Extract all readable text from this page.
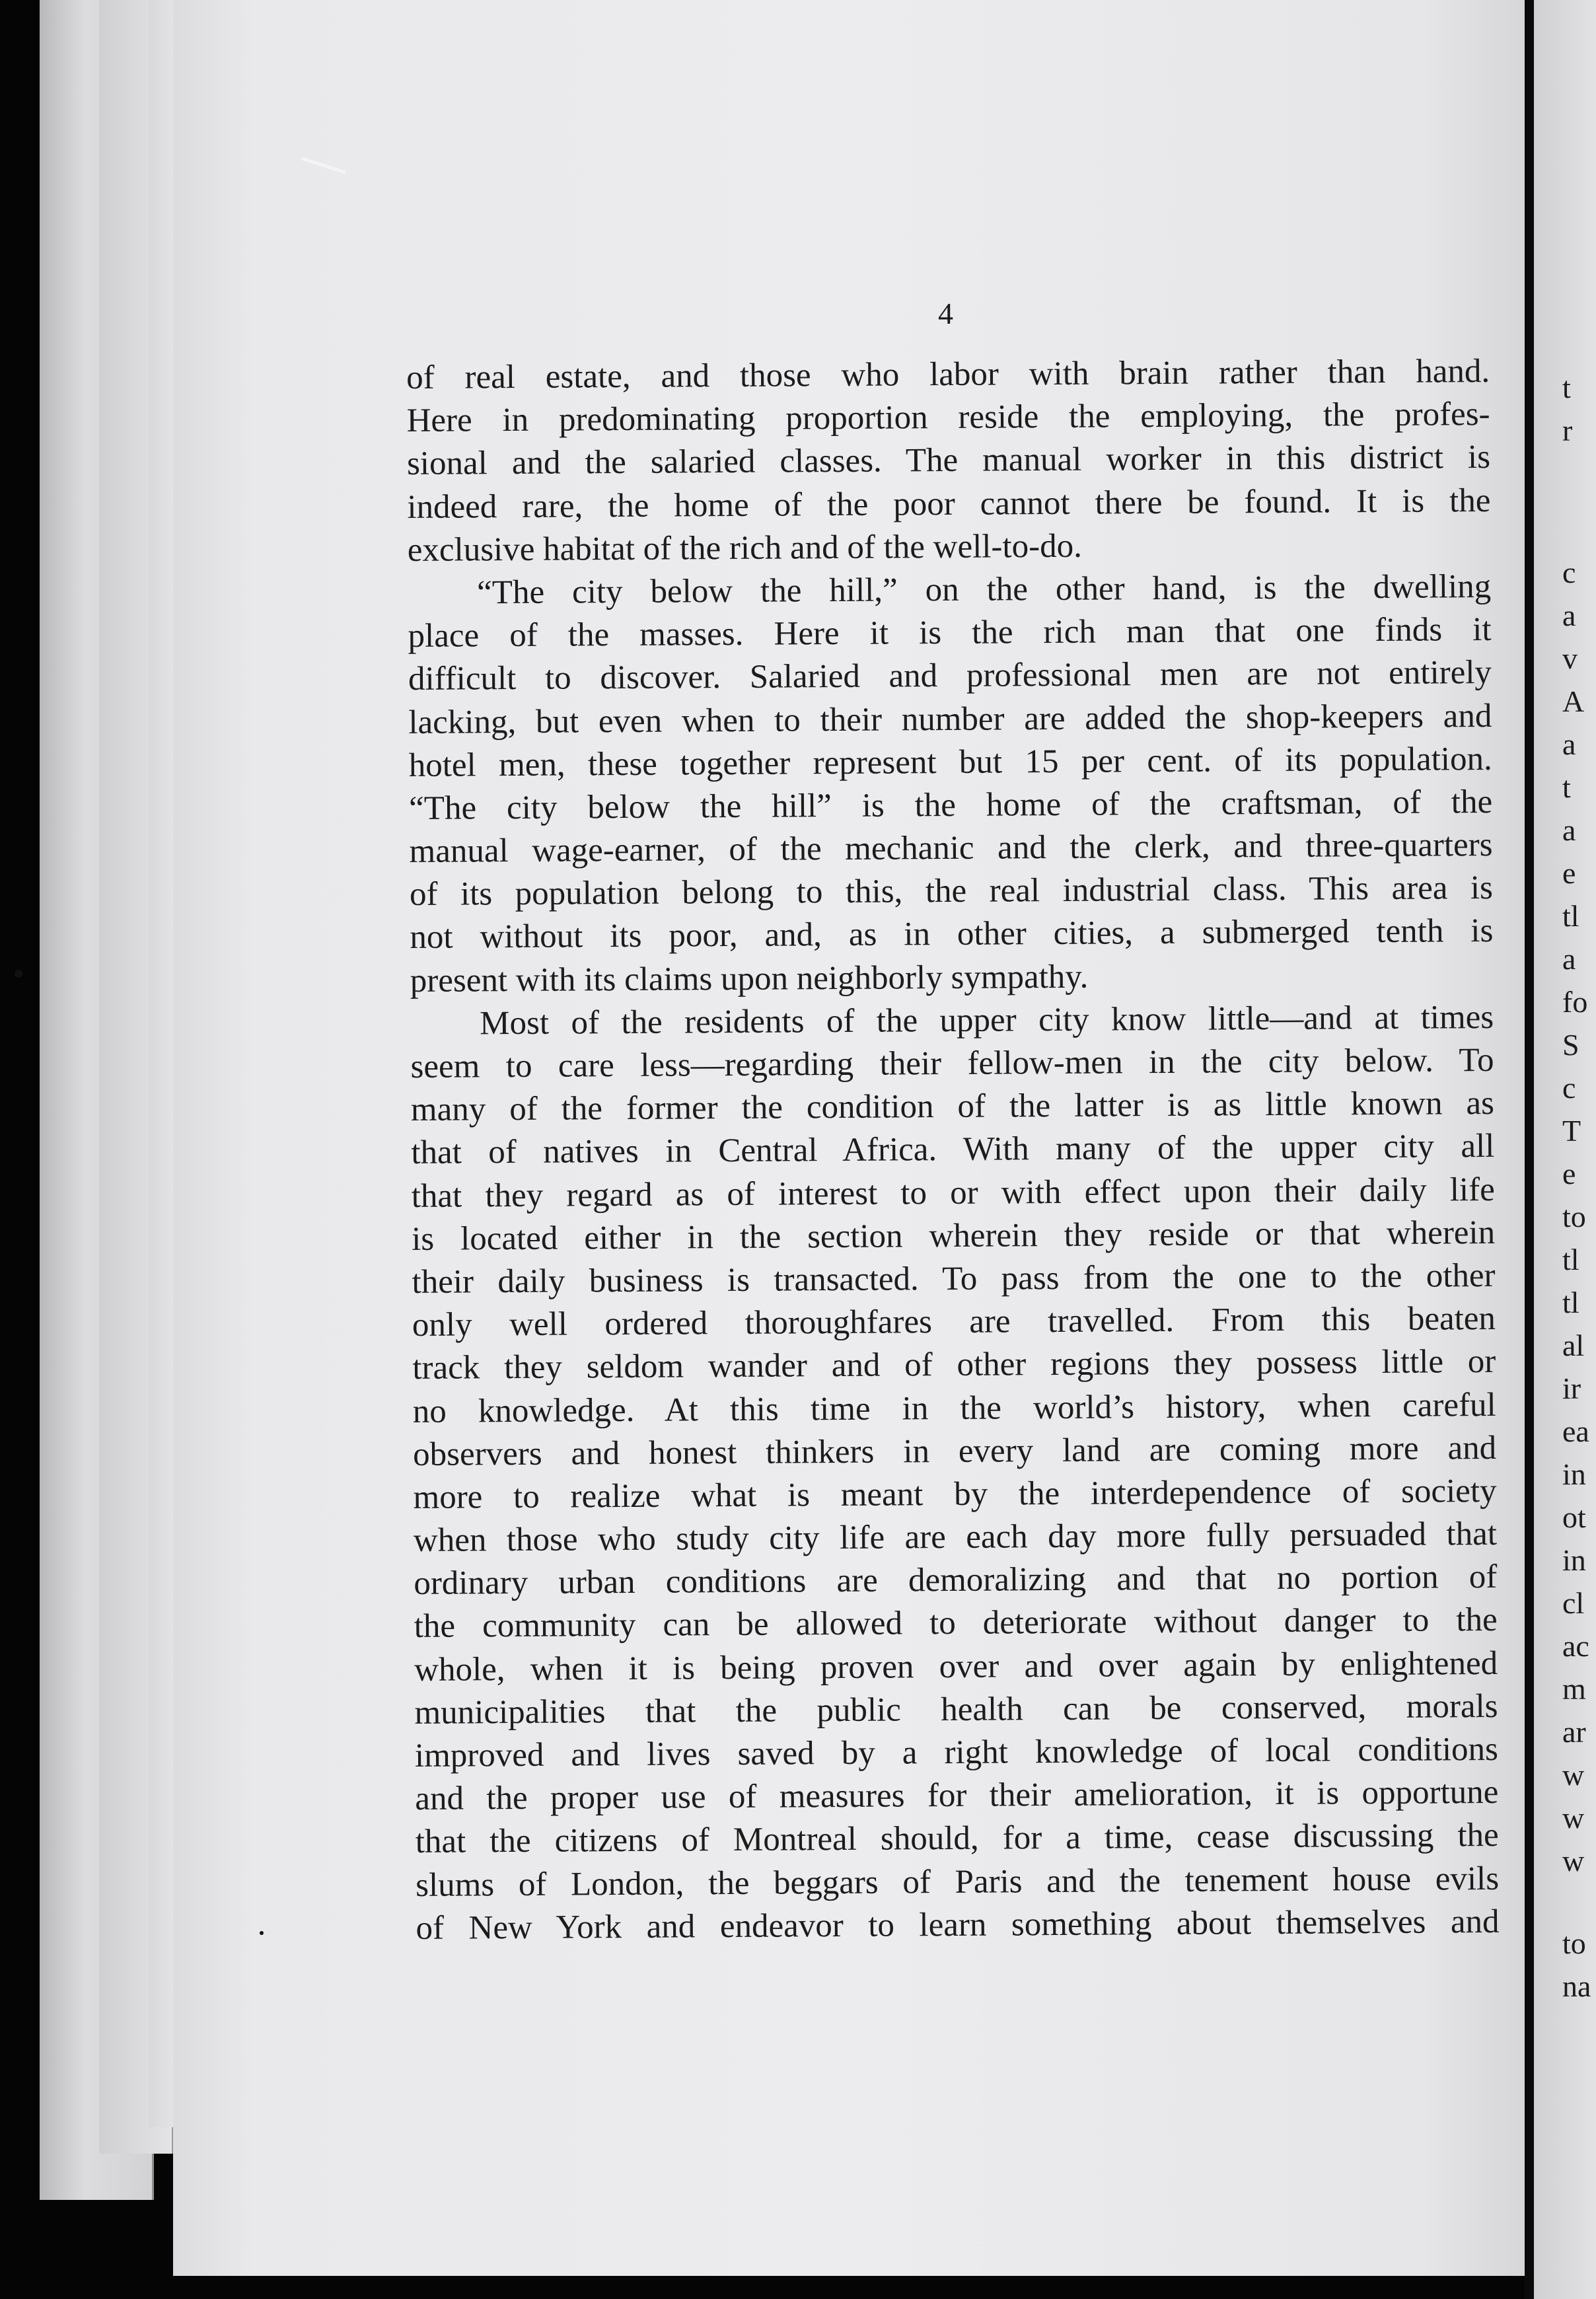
4
of real estate, and those who labor with brain rather than hand.
Here in predominating proportion reside the employing, the profes-
sional and the salaried classes. The manual worker in this district is
indeed rare, the home of the poor cannot there be found. It is the
exclusive habitat of the rich and of the well-to-do.
“The city below the hill,” on the other hand, is the dwelling
place of the masses. Here it is the rich man that one finds it
difficult to discover. Salaried and professional men are not entirely
lacking, but even when to their number are added the shop-keepers and
hotel men, these together represent but 15 per cent. of its population.
“The city below the hill” is the home of the craftsman, of the
manual wage-earner, of the mechanic and the clerk, and three-quarters
of its population belong to this, the real industrial class. This area is
not without its poor, and, as in other cities, a submerged tenth is
present with its claims upon neighborly sympathy.
Most of the residents of the upper city know little—and at times
seem to care less—regarding their fellow-men in the city below. To
many of the former the condition of the latter is as little known as
that of natives in Central Africa. With many of the upper city all
that they regard as of interest to or with effect upon their daily life
is located either in the section wherein they reside or that wherein
their daily business is transacted. To pass from the one to the other
only well ordered thoroughfares are travelled. From this beaten
track they seldom wander and of other regions they possess little or
no knowledge. At this time in the world’s history, when careful
observers and honest thinkers in every land are coming more and
more to realize what is meant by the interdependence of society
when those who study city life are each day more fully persuaded that
ordinary urban conditions are demoralizing and that no portion of
the community can be allowed to deteriorate without danger to the
whole, when it is being proven over and over again by enlightened
municipalities that the public health can be conserved, morals
improved and lives saved by a right knowledge of local conditions
and the proper use of measures for their amelioration, it is opportune
that the citizens of Montreal should, for a time, cease discussing the
slums of London, the beggars of Paris and the tenement house evils
of New York and endeavor to learn something about themselves and
t
r
c
a
v
A
a
t
a
e
tl
a
fo
S
c
T
e
to
tl
tl
al
ir
ea
in
ot
in
cl
ac
m
ar
w
w
w
to
na
